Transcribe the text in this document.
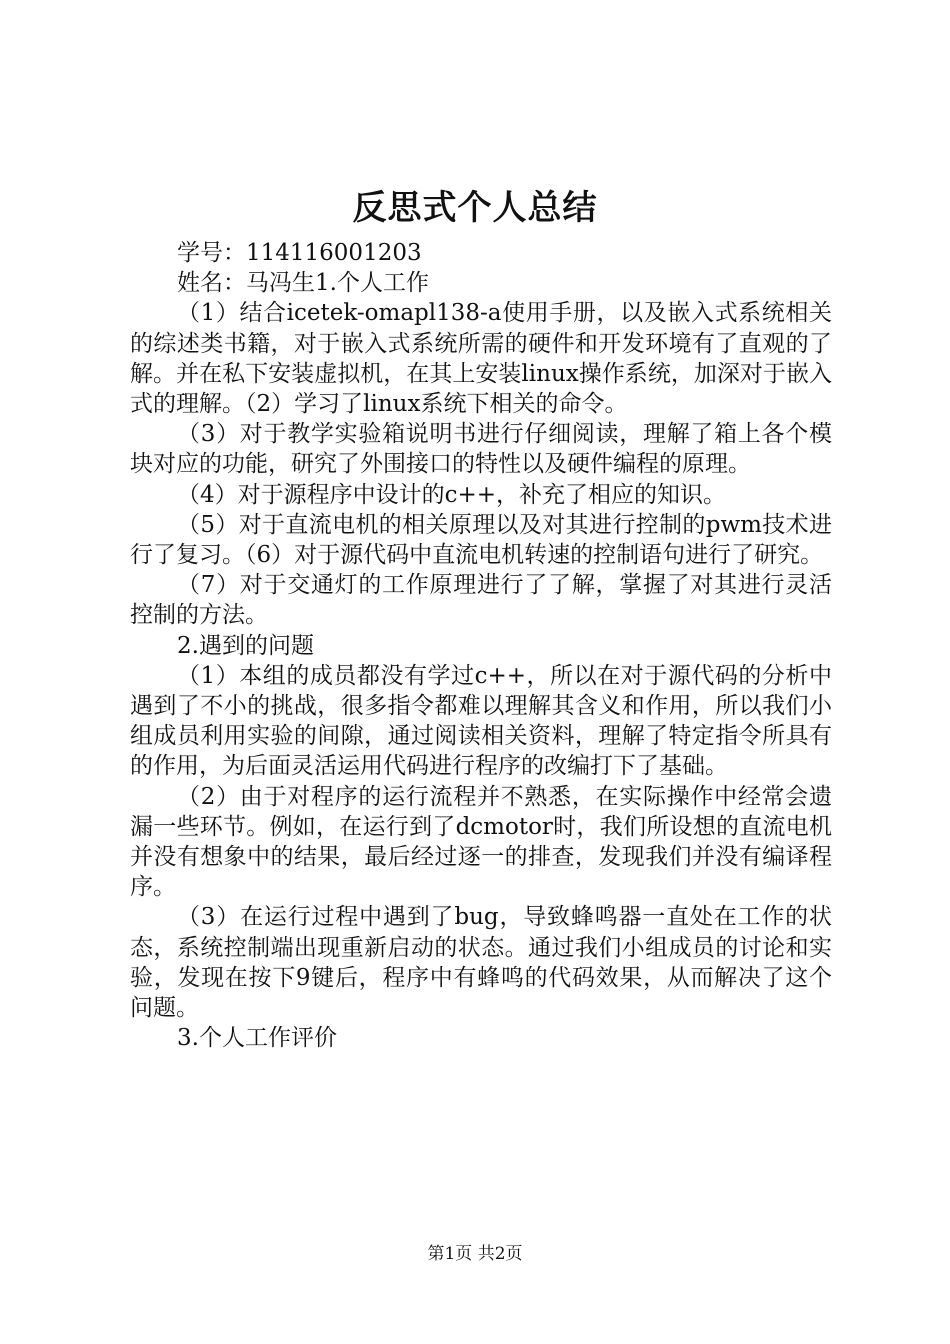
反思式个人总结

学号：114116001203

姓名：马冯生1.个人工作

（1）结合icetek-omapl138-a使用手册，以及嵌入式系统相关的综述类书籍，对于嵌入式系统所需的硬件和开发环境有了直观的了解。并在私下安装虚拟机，在其上安装linux操作系统，加深对于嵌入式的理解。（2）学习了linux系统下相关的命令。

（3）对于教学实验箱说明书进行仔细阅读，理解了箱上各个模块对应的功能，研究了外围接口的特性以及硬件编程的原理。

（4）对于源程序中设计的c++，补充了相应的知识。

（5）对于直流电机的相关原理以及对其进行控制的pwm技术进行了复习。（6）对于源代码中直流电机转速的控制语句进行了研究。

（7）对于交通灯的工作原理进行了了解，掌握了对其进行灵活控制的方法。

2.遇到的问题

（1）本组的成员都没有学过c++，所以在对于源代码的分析中遇到了不小的挑战，很多指令都难以理解其含义和作用，所以我们小组成员利用实验的间隙，通过阅读相关资料，理解了特定指令所具有的作用，为后面灵活运用代码进行程序的改编打下了基础。

（2）由于对程序的运行流程并不熟悉，在实际操作中经常会遗漏一些环节。例如，在运行到了dcmotor时，我们所设想的直流电机并没有想象中的结果，最后经过逐一的排查，发现我们并没有编译程序。

（3）在运行过程中遇到了bug，导致蜂鸣器一直处在工作的状态，系统控制端出现重新启动的状态。通过我们小组成员的讨论和实验，发现在按下9键后，程序中有蜂鸣的代码效果，从而解决了这个问题。

3.个人工作评价

第1页 共2页
